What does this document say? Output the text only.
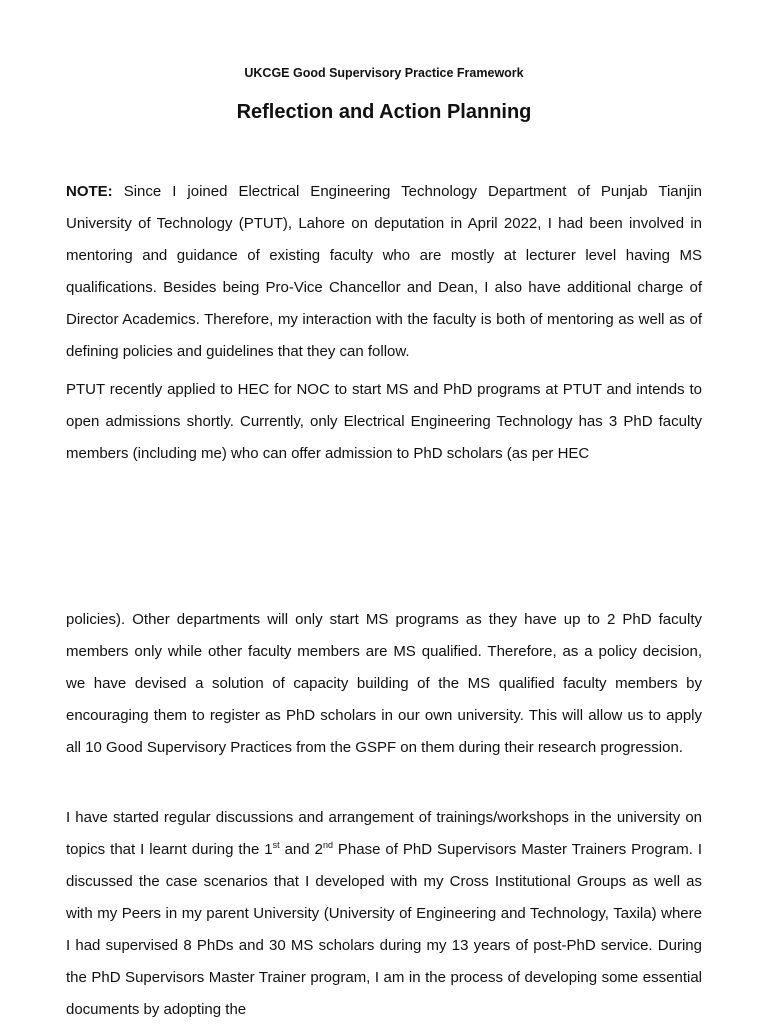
UKCGE Good Supervisory Practice Framework
Reflection and Action Planning

NOTE: Since I joined Electrical Engineering Technology Department of Punjab Tianjin University of Technology (PTUT), Lahore on deputation in April 2022, I had been involved in mentoring and guidance of existing faculty who are mostly at lecturer level having MS qualifications. Besides being Pro-Vice Chancellor and Dean, I also have additional charge of Director Academics. Therefore, my interaction with the faculty is both of mentoring as well as of defining policies and guidelines that they can follow.

PTUT recently applied to HEC for NOC to start MS and PhD programs at PTUT and intends to open admissions shortly. Currently, only Electrical Engineering Technology has 3 PhD faculty members (including me) who can offer admission to PhD scholars (as per HEC

policies). Other departments will only start MS programs as they have up to 2 PhD faculty members only while other faculty members are MS qualified. Therefore, as a policy decision, we have devised a solution of capacity building of the MS qualified faculty members by encouraging them to register as PhD scholars in our own university. This will allow us to apply all 10 Good Supervisory Practices from the GSPF on them during their research progression.

I have started regular discussions and arrangement of trainings/workshops in the university on topics that I learnt during the 1st and 2nd Phase of PhD Supervisors Master Trainers Program. I discussed the case scenarios that I developed with my Cross Institutional Groups as well as with my Peers in my parent University (University of Engineering and Technology, Taxila) where I had supervised 8 PhDs and 30 MS scholars during my 13 years of post-PhD service. During the PhD Supervisors Master Trainer program, I am in the process of developing some essential documents by adopting the
